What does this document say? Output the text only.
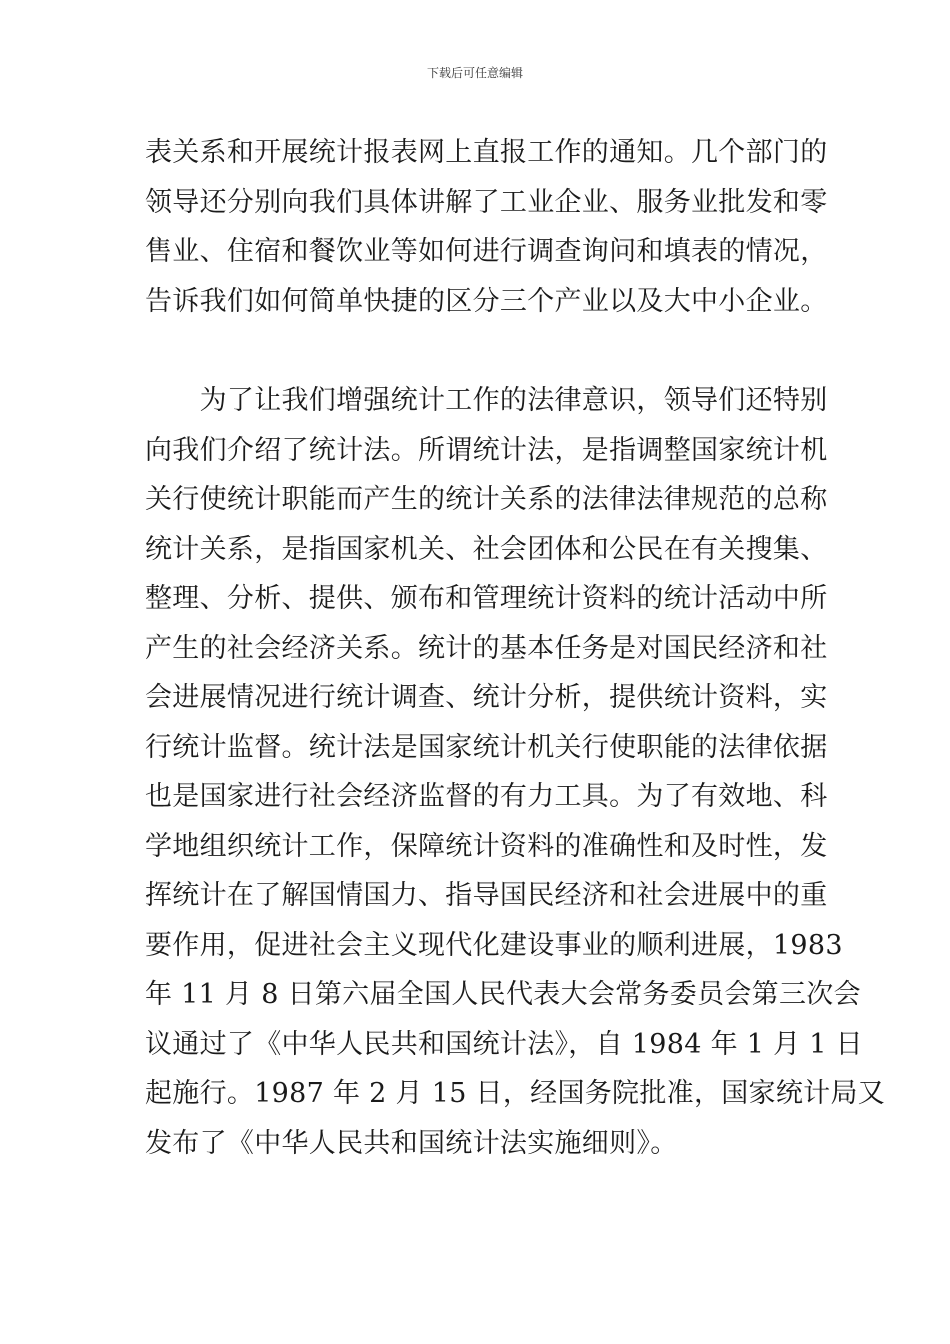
下载后可任意编辑
表关系和开展统计报表网上直报工作的通知。几个部门的
领导还分别向我们具体讲解了工业企业、服务业批发和零
售业、住宿和餐饮业等如何进行调查询问和填表的情况，
告诉我们如何简单快捷的区分三个产业以及大中小企业。
　　为了让我们增强统计工作的法律意识，领导们还特别
向我们介绍了统计法。所谓统计法，是指调整国家统计机
关行使统计职能而产生的统计关系的法律法律规范的总称
统计关系，是指国家机关、社会团体和公民在有关搜集、
整理、分析、提供、颁布和管理统计资料的统计活动中所
产生的社会经济关系。统计的基本任务是对国民经济和社
会进展情况进行统计调查、统计分析，提供统计资料，实
行统计监督。统计法是国家统计机关行使职能的法律依据
也是国家进行社会经济监督的有力工具。为了有效地、科
学地组织统计工作，保障统计资料的准确性和及时性，发
挥统计在了解国情国力、指导国民经济和社会进展中的重
要作用，促进社会主义现代化建设事业的顺利进展，1983
年 11 月 8 日第六届全国人民代表大会常务委员会第三次会
议通过了《中华人民共和国统计法》，自 1984 年 1 月 1 日
起施行。1987 年 2 月 15 日，经国务院批准，国家统计局又
发布了《中华人民共和国统计法实施细则》。
